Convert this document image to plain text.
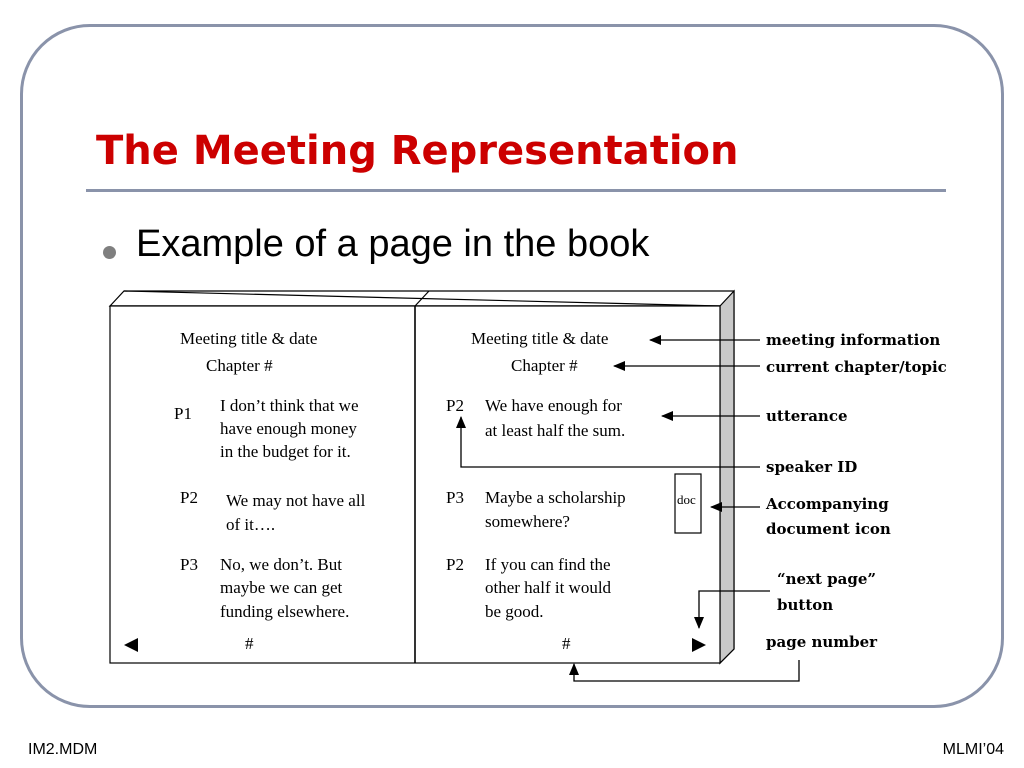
The Meeting Representation
Example of a page in the book
Meeting title & date
Chapter #
P1 I don’t think that we
have enough money
in the budget for it.
P2 We may not have all
of it….
P3 No, we don’t. But
maybe we can get
funding elsewhere.
#
Meeting title & date
Chapter #
P2 We have enough for
at least half the sum.
P3 Maybe a scholarship
somewhere?
doc
P2 If you can find the
other half it would
be good.
#
meeting information
current chapter/topic
utterance
speaker ID
Accompanying
document icon
“next page”
button
page number
IM2.MDM	MLMI’04
